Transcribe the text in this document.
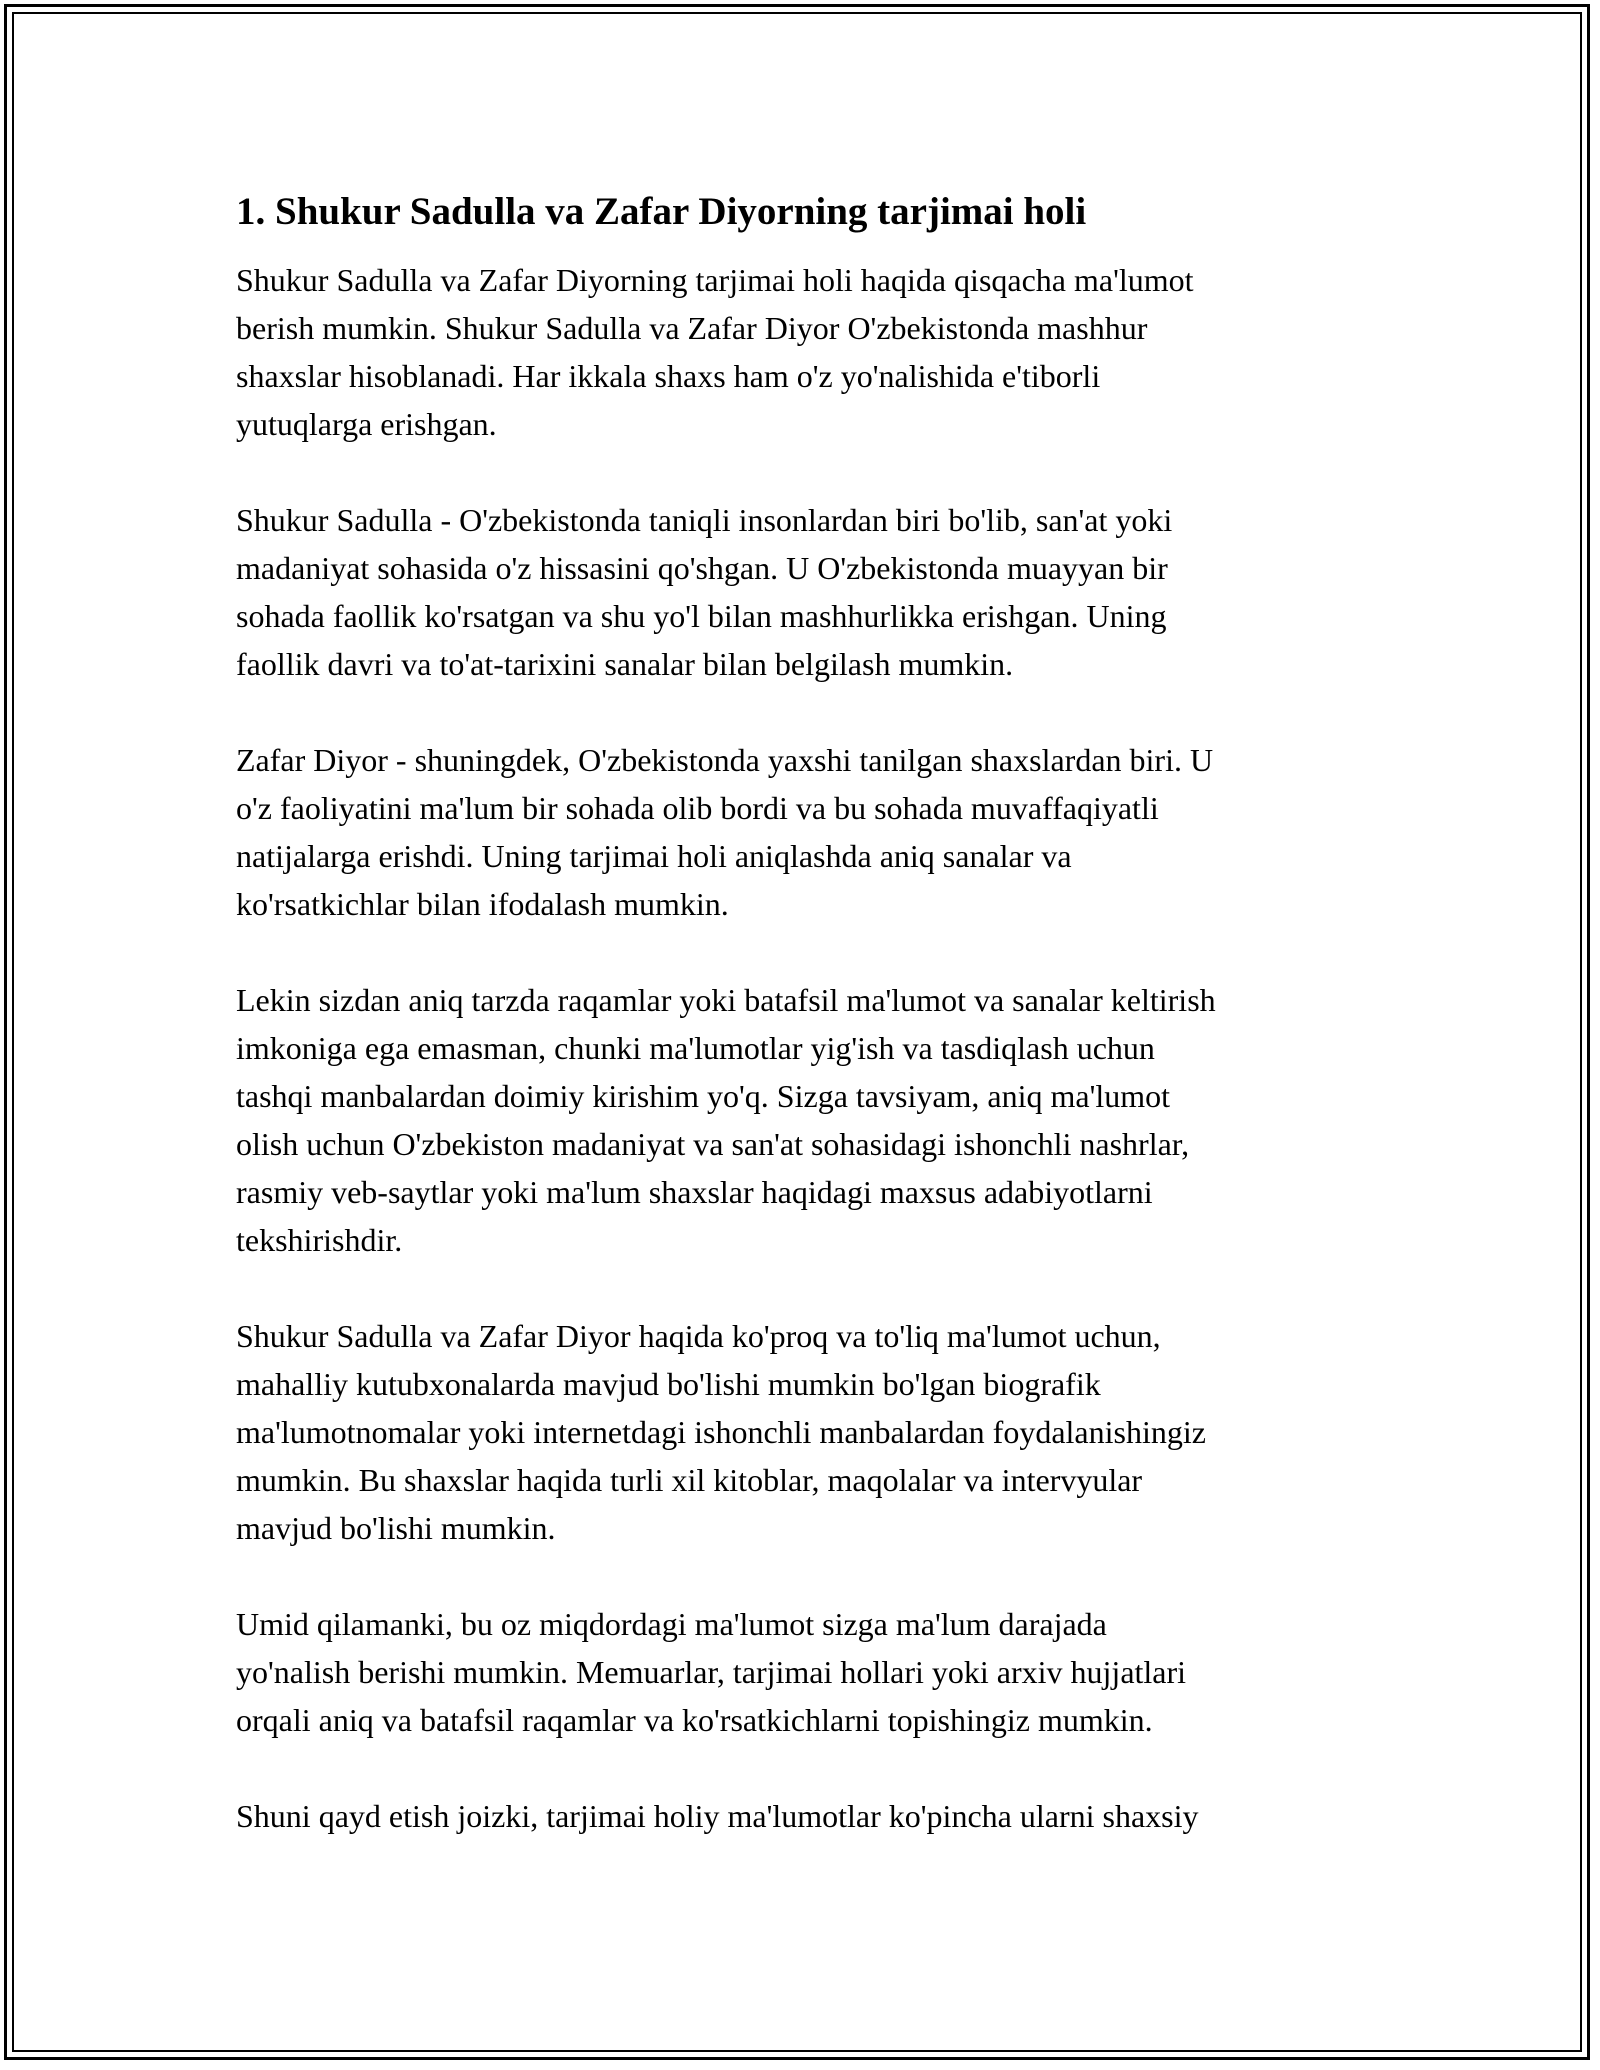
1. Shukur Sadulla va Zafar Diyorning tarjimai holi

Shukur Sadulla va Zafar Diyorning tarjimai holi haqida qisqacha ma'lumot
berish mumkin. Shukur Sadulla va Zafar Diyor O'zbekistonda mashhur
shaxslar hisoblanadi. Har ikkala shaxs ham o'z yo'nalishida e'tiborli
yutuqlarga erishgan.

Shukur Sadulla - O'zbekistonda taniqli insonlardan biri bo'lib, san'at yoki
madaniyat sohasida o'z hissasini qo'shgan. U O'zbekistonda muayyan bir
sohada faollik ko'rsatgan va shu yo'l bilan mashhurlikka erishgan. Uning
faollik davri va to'at-tarixini sanalar bilan belgilash mumkin.

Zafar Diyor - shuningdek, O'zbekistonda yaxshi tanilgan shaxslardan biri. U
o'z faoliyatini ma'lum bir sohada olib bordi va bu sohada muvaffaqiyatli
natijalarga erishdi. Uning tarjimai holi aniqlashda aniq sanalar va
ko'rsatkichlar bilan ifodalash mumkin.

Lekin sizdan aniq tarzda raqamlar yoki batafsil ma'lumot va sanalar keltirish
imkoniga ega emasman, chunki ma'lumotlar yig'ish va tasdiqlash uchun
tashqi manbalardan doimiy kirishim yo'q. Sizga tavsiyam, aniq ma'lumot
olish uchun O'zbekiston madaniyat va san'at sohasidagi ishonchli nashrlar,
rasmiy veb-saytlar yoki ma'lum shaxslar haqidagi maxsus adabiyotlarni
tekshirishdir.

Shukur Sadulla va Zafar Diyor haqida ko'proq va to'liq ma'lumot uchun,
mahalliy kutubxonalarda mavjud bo'lishi mumkin bo'lgan biografik
ma'lumotnomalar yoki internetdagi ishonchli manbalardan foydalanishingiz
mumkin. Bu shaxslar haqida turli xil kitoblar, maqolalar va intervyular
mavjud bo'lishi mumkin.

Umid qilamanki, bu oz miqdordagi ma'lumot sizga ma'lum darajada
yo'nalish berishi mumkin. Memuarlar, tarjimai hollari yoki arxiv hujjatlari
orqali aniq va batafsil raqamlar va ko'rsatkichlarni topishingiz mumkin.

Shuni qayd etish joizki, tarjimai holiy ma'lumotlar ko'pincha ularni shaxsiy
